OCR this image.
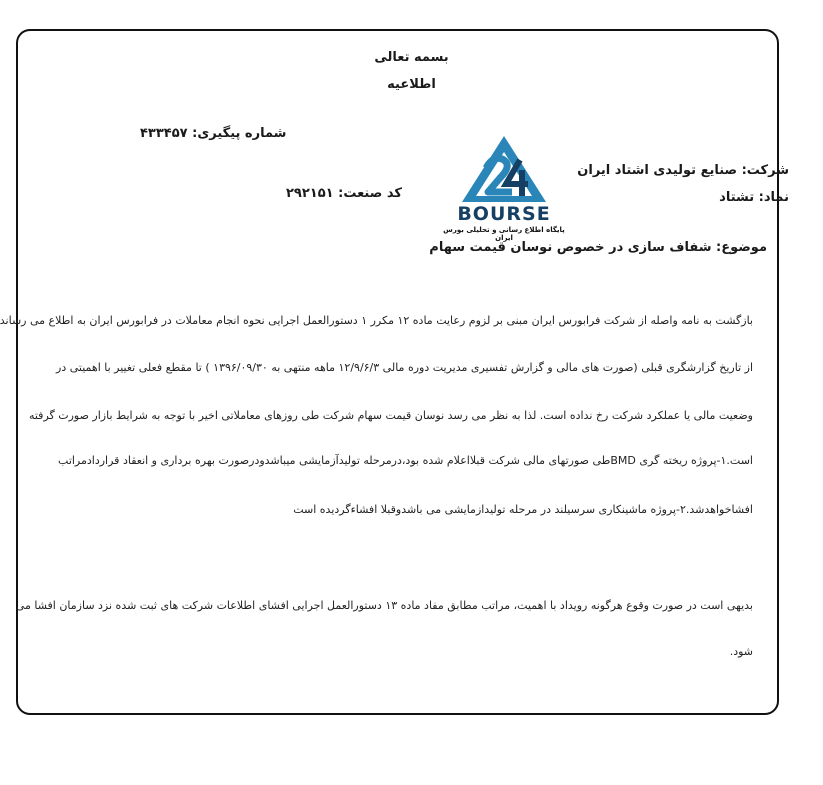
بسمه تعالی
اطلاعیه
شماره پیگیری: ۴۳۳۴۵۷
شرکت: صنایع تولیدی اشتاد ایران
نماد: تشتاد
کد صنعت: ۲۹۲۱۵۱
BOURSE
پایگاه اطلاع رسانی و تحلیلی بورس ایران
موضوع: شفاف سازی در خصوص نوسان قیمت سهام
بازگشت به نامه واصله از شرکت فرابورس ایران مبنی بر لزوم رعایت ماده ۱۲ مکرر ۱ دستورالعمل اجرایی نحوه انجام معاملات در فرابورس ایران به اطلاع می رساند
از تاریخ گزارشگری قبلی (صورت های مالی و گزارش تفسیری مدیریت دوره مالی ۱۲/۹/۶/۳ ماهه منتهی به ۱۳۹۶/۰۹/۳۰ ) تا مقطع فعلی تغییر با اهمیتی در
وضعیت مالی یا عملکرد شرکت رخ نداده است. لذا به نظر می رسد نوسان قیمت سهام شرکت طی روزهای معاملاتی اخیر با توجه به شرایط بازار صورت گرفته
است.۱-پروژه ریخته گری BMDطی صورتهای مالی شرکت قبلااعلام شده بود،درمرحله تولیدآزمایشی میباشدودرصورت بهره برداری و انعقاد قراردادمراتب
افشاخواهدشد.۲-پروژه ماشینکاری سرسیلند در مرحله تولیدازمایشی می باشدوقبلا افشاءگردیده است
بدیهی است در صورت وقوع هرگونه رویداد با اهمیت، مراتب مطابق مفاد ماده ۱۳ دستورالعمل اجرایی افشای اطلاعات شرکت های ثبت شده نزد سازمان افشا می
شود.
